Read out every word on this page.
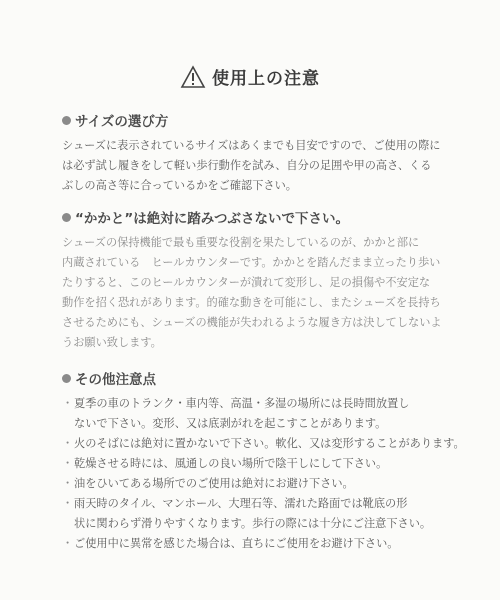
使用上の注意
サイズの選び方
シューズに表示されているサイズはあくまでも目安ですので、ご使用の際に
は必ず試し履きをして軽い歩行動作を試み、自分の足囲や甲の高さ、くる
ぶしの高さ等に合っているかをご確認下さい。
“かかと”は絶対に踏みつぶさないで下さい。
シューズの保持機能で最も重要な役割を果たしているのが、かかと部に
内蔵されている　ヒールカウンターです。かかとを踏んだまま立ったり歩い
たりすると、このヒールカウンターが潰れて変形し、足の損傷や不安定な
動作を招く恐れがあります。的確な動きを可能にし、またシューズを長持ち
させるためにも、シューズの機能が失われるような履き方は決してしないよ
うお願い致します。
その他注意点
・ 夏季の車のトランク・車内等、高温・多湿の場所には長時間放置し
ないで下さい。変形、又は底剥がれを起こすことがあります。
・ 火のそばには絶対に置かないで下さい。軟化、又は変形することがあります。
・ 乾燥させる時には、風通しの良い場所で陰干しにして下さい。
・ 油をひいてある場所でのご使用は絶対にお避け下さい。
・ 雨天時のタイル、マンホール、大理石等、濡れた路面では靴底の形
状に関わらず滑りやすくなります。歩行の際には十分にご注意下さい。
・ ご使用中に異常を感じた場合は、直ちにご使用をお避け下さい。
